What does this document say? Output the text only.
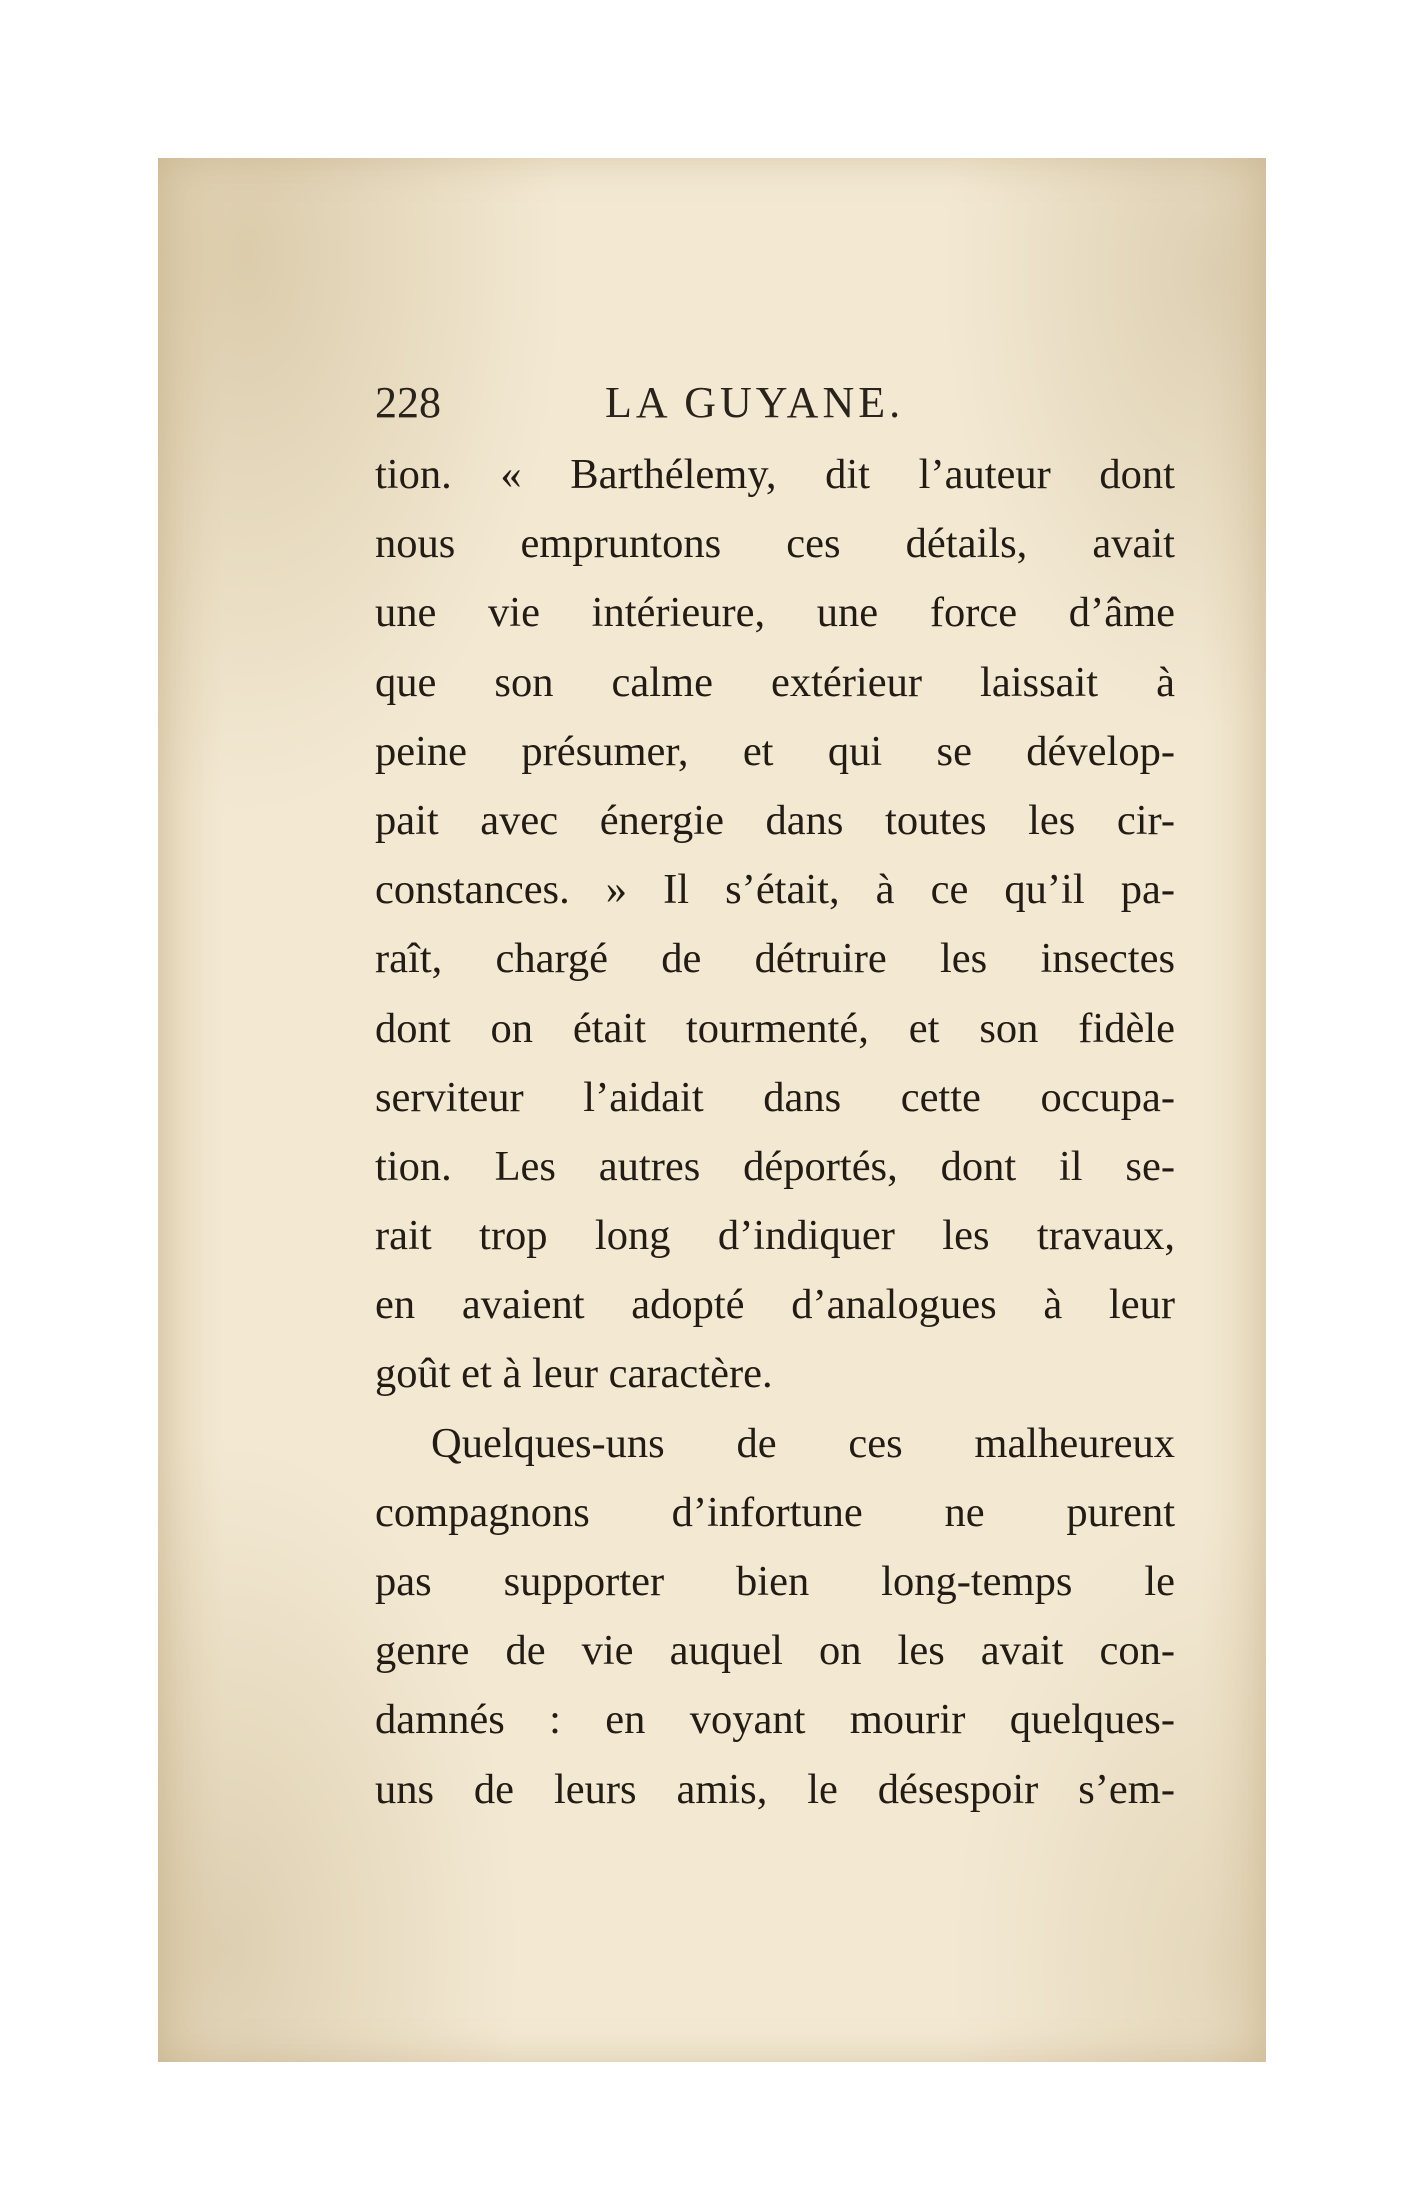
228	LA GUYANE.
tion. « Barthélemy, dit l’auteur dont
nous empruntons ces détails, avait
une vie intérieure, une force d’âme
que son calme extérieur laissait à
peine présumer, et qui se dévelop-
pait avec énergie dans toutes les cir-
constances. » Il s’était, à ce qu’il pa-
raît, chargé de détruire les insectes
dont on était tourmenté, et son fidèle
serviteur l’aidait dans cette occupa-
tion. Les autres déportés, dont il se-
rait trop long d’indiquer les travaux,
en avaient adopté d’analogues à leur
goût et à leur caractère.
Quelques-uns de ces malheureux
compagnons d’infortune ne purent
pas supporter bien long-temps le
genre de vie auquel on les avait con-
damnés : en voyant mourir quelques-
uns de leurs amis, le désespoir s’em-
